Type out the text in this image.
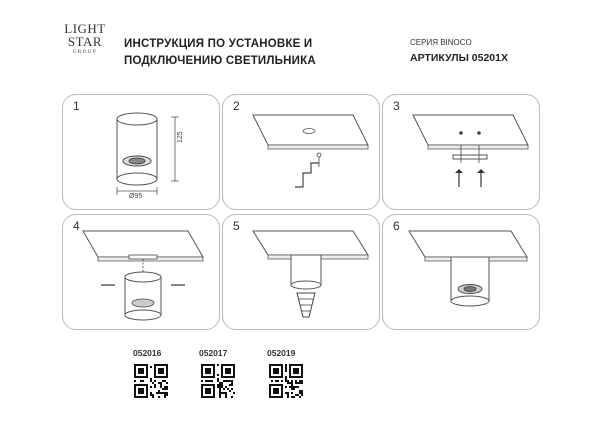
LIGHT
STAR
GROUP
ИНСТРУКЦИЯ ПО УСТАНОВКЕ И
ПОДКЛЮЧЕНИЮ СВЕТИЛЬНИКА
СЕРИЯ BINOCO
АРТИКУЛЫ 05201X
1
125
Ø95
2	3
4	5	6
052016	052017	052019
